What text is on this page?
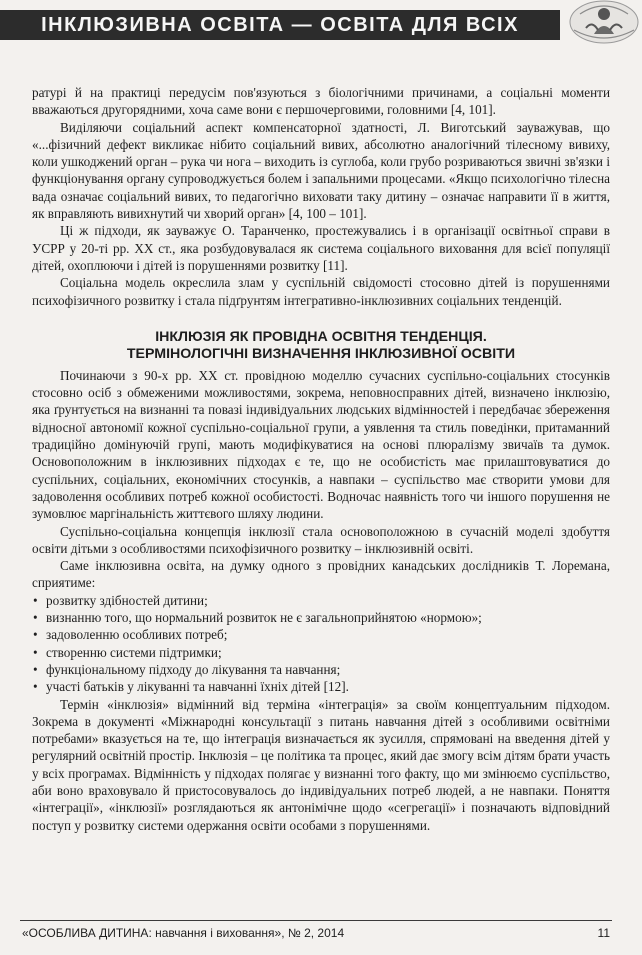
ІНКЛЮЗИВНА ОСВІТА — ОСВІТА ДЛЯ ВСІХ

ратурі й на практиці передусім пов'язуються з біологічними причинами, а соціальні моменти вважаються другорядними, хоча саме вони є першочерговими, головними [4, 101].

Виділяючи соціальний аспект компенсаторної здатності, Л. Виготський зауважував, що «...фізичний дефект викликає нібито соціальний вивих, абсолютно аналогічний тілесному вивиху, коли ушкоджений орган – рука чи нога – виходить із суглоба, коли грубо розриваються звичні зв'язки і функціонування органу супроводжується болем і запальними процесами. «Якщо психологічно тілесна вада означає соціальний вивих, то педагогічно виховати таку дитину – означає направити її в життя, як вправляють вивихнутий чи хворий орган» [4, 100 – 101].

Ці ж підходи, як зауважує О. Таранченко, простежувались і в організації освітньої справи в УСРР у 20-ті рр. ХХ ст., яка розбудовувалася як система соціального виховання для всієї популяції дітей, охоплюючи і дітей із порушеннями розвитку [11].

Соціальна модель окреслила злам у суспільній свідомості стосовно дітей із порушеннями психофізичного розвитку і стала підґрунтям інтегративно-інклюзивних соціальних тенденцій.

ІНКЛЮЗІЯ ЯК ПРОВІДНА ОСВІТНЯ ТЕНДЕНЦІЯ.
ТЕРМІНОЛОГІЧНІ ВИЗНАЧЕННЯ ІНКЛЮЗИВНОЇ ОСВІТИ

Починаючи з 90-х рр. ХХ ст. провідною моделлю сучасних суспільно-соціальних стосунків стосовно осіб з обмеженими можливостями, зокрема, неповносправних дітей, визначено інклюзію, яка ґрунтується на визнанні та повазі індивідуальних людських відмінностей і передбачає збереження відносної автономії кожної суспільно-соціальної групи, а уявлення та стиль поведінки, притаманний традиційно домінуючій групі, мають модифікуватися на основі плюралізму звичаїв та думок. Основоположним в інклюзивних підходах є те, що не особистість має прилаштовуватися до суспільних, соціальних, економічних стосунків, а навпаки – суспільство має створити умови для задоволення особливих потреб кожної особистості. Водночас наявність того чи іншого порушення не зумовлює маргінальність життєвого шляху людини.

Суспільно-соціальна концепція інклюзії стала основоположною в сучасній моделі здобуття освіти дітьми з особливостями психофізичного розвитку – інклюзивній освіті.

Саме інклюзивна освіта, на думку одного з провідних канадських дослідників Т. Лоремана, сприятиме:

• розвитку здібностей дитини;
• визнанню того, що нормальний розвиток не є загальноприйнятою «нормою»;
• задоволенню особливих потреб;
• створенню системи підтримки;
• функціональному підходу до лікування та навчання;
• участі батьків у лікуванні та навчанні їхніх дітей [12].

Термін «інклюзія» відмінний від терміна «інтеграція» за своїм концептуальним підходом. Зокрема в документі «Міжнародні консультації з питань навчання дітей з особливими освітніми потребами» вказується на те, що інтеграція визначається як зусилля, спрямовані на введення дітей у регулярний освітній простір. Інклюзія – це політика та процес, який дає змогу всім дітям брати участь у всіх програмах. Відмінність у підходах полягає у визнанні того факту, що ми змінюємо суспільство, аби воно враховувало й пристосовувалось до індивідуальних потреб людей, а не навпаки. Поняття «інтеграції», «інклюзії» розглядаються як антонімічне щодо «сегрегації» і позначають відповідний поступ у розвитку системи одержання освіти особами з порушеннями.

«ОСОБЛИВА ДИТИНА: навчання і виховання», № 2, 2014	11
